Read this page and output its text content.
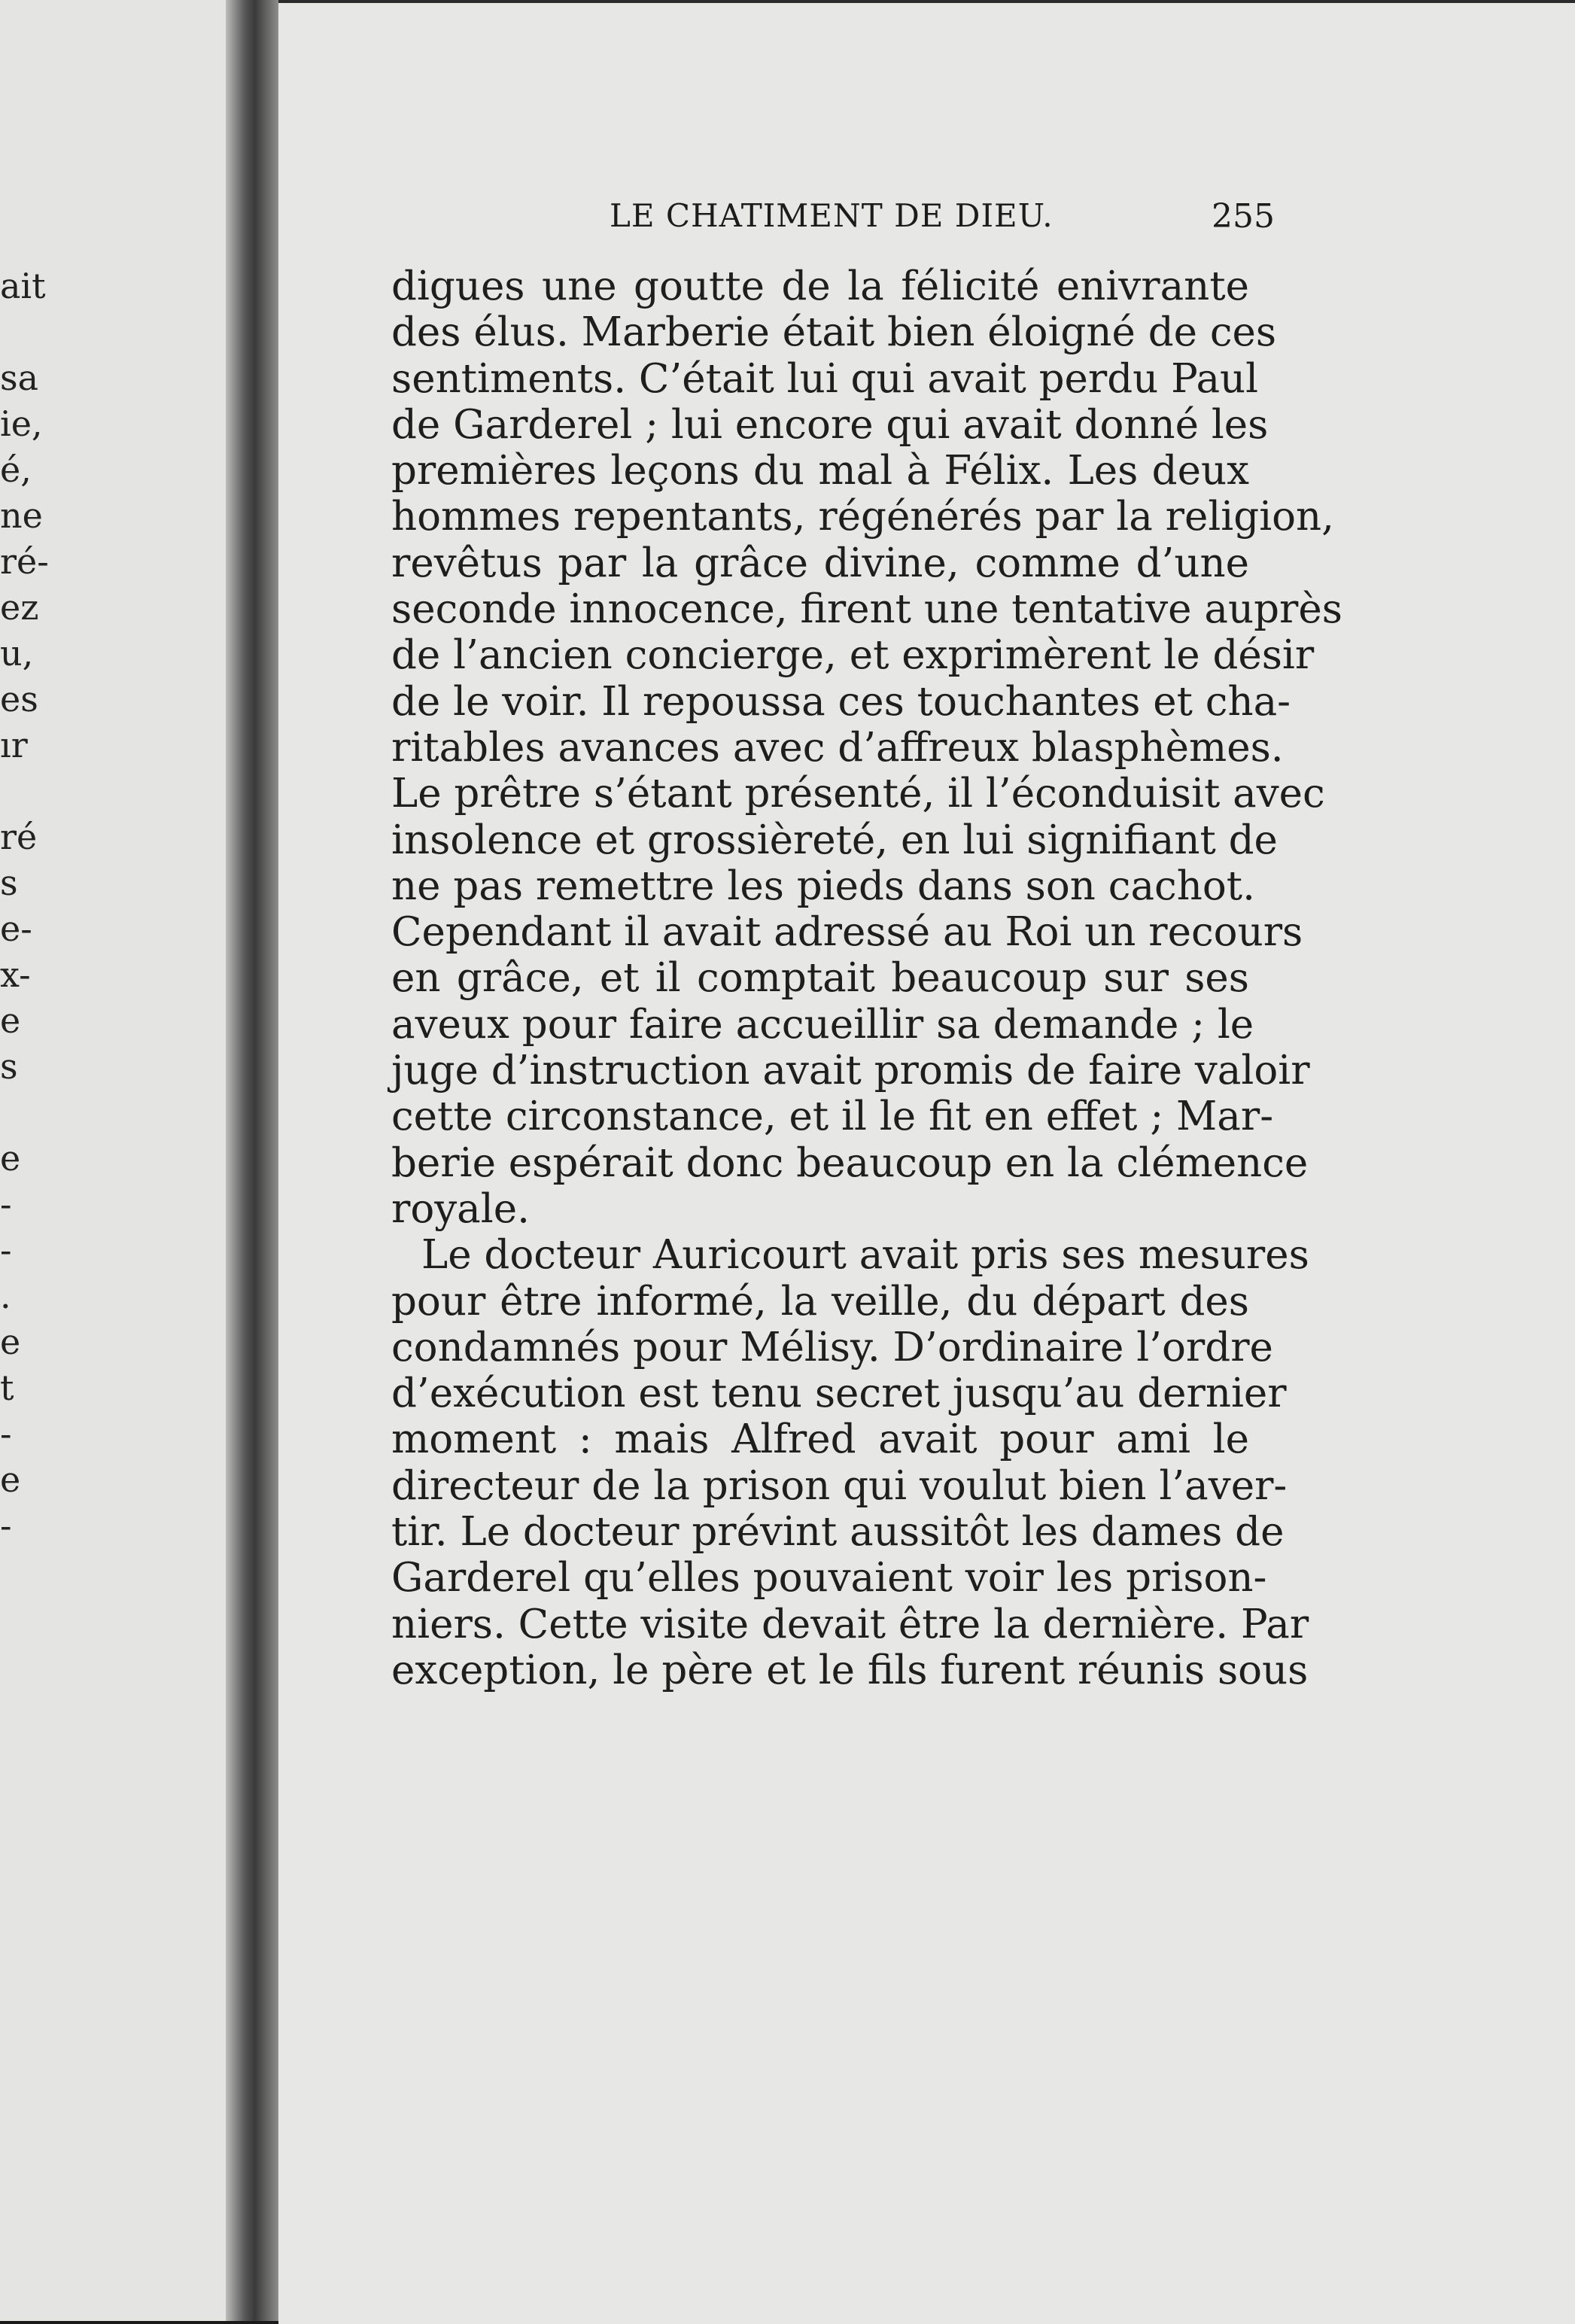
ait
sa
ie,
é,
ne
ré-
ez
u,
es
ır
ré
s
e-
x-
e
s
e
-
-
.
e
t
-
e
-
LE CHATIMENT DE DIEU.	255
digues une goutte de la félicité enivrante
des élus. Marberie était bien éloigné de ces
sentiments. C’était lui qui avait perdu Paul
de Garderel ; lui encore qui avait donné les
premières leçons du mal à Félix. Les deux
hommes repentants, régénérés par la religion,
revêtus par la grâce divine, comme d’une
seconde innocence, firent une tentative auprès
de l’ancien concierge, et exprimèrent le désir
de le voir. Il repoussa ces touchantes et cha-
ritables avances avec d’affreux blasphèmes.
Le prêtre s’étant présenté, il l’éconduisit avec
insolence et grossièreté, en lui signifiant de
ne pas remettre les pieds dans son cachot.
Cependant il avait adressé au Roi un recours
en grâce, et il comptait beaucoup sur ses
aveux pour faire accueillir sa demande ; le
juge d’instruction avait promis de faire valoir
cette circonstance, et il le fit en effet ; Mar-
berie espérait donc beaucoup en la clémence
royale.
Le docteur Auricourt avait pris ses mesures
pour être informé, la veille, du départ des
condamnés pour Mélisy. D’ordinaire l’ordre
d’exécution est tenu secret jusqu’au dernier
moment : mais Alfred avait pour ami le
directeur de la prison qui voulut bien l’aver-
tir. Le docteur prévint aussitôt les dames de
Garderel qu’elles pouvaient voir les prison-
niers. Cette visite devait être la dernière. Par
exception, le père et le fils furent réunis sous
